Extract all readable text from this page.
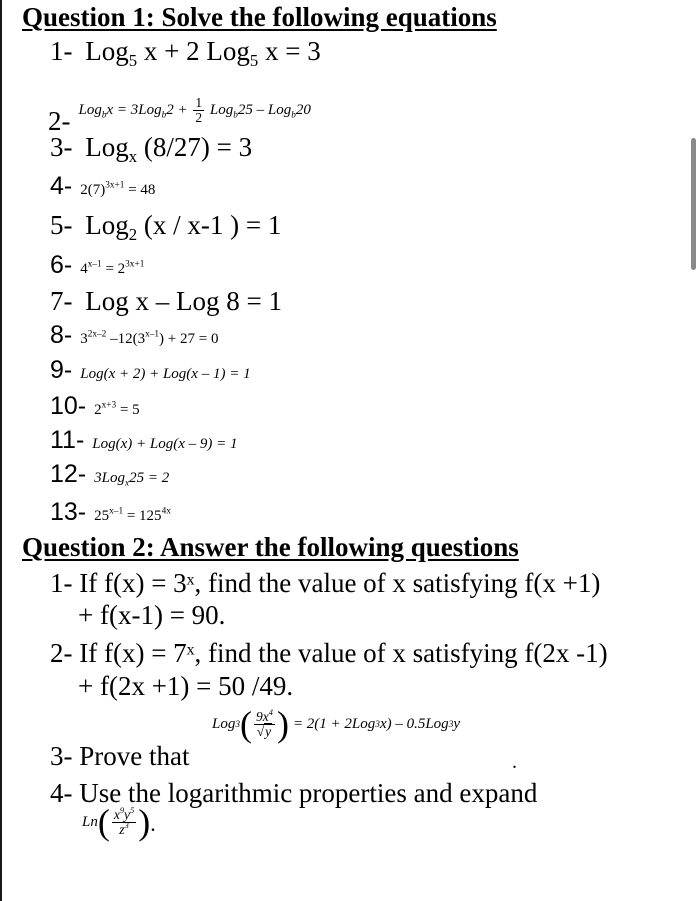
Question 1: Solve the following equations
1- Log$_5$ x + 2 Log$_5$ x = 3
2- $Log_bx = 3Log_b2 + \frac{1}{2} Log_b25 - Log_b20$
3- Log$_x$ (8/27) = 3
4- $2(7)^{3x+1} = 48$
5- Log$_2$ (x / x-1 ) = 1
6- $4^{x-1} = 2^{3x+1}$
7- Log x – Log 8 = 1
8- $3^{2x-2}$ $-12(3^{x-1}) + 27 = 0$
9- Log(x + 2) + Log(x – 1) = 1
10- $2^{x+3} = 5$
11- Log(x) + Log(x – 9) = 1
12- 3Log$_x$25 = 2
13- $25^{x-1} = 125^{4x}$
Question 2: Answer the following questions
1- If f(x) = 3ˣ, find the value of x satisfying f(x +1)
+ f(x-1) = 90.
2- If f(x) = 7ˣ, find the value of x satisfying f(2x -1)
+ f(2x +1) = 50 /49.
3- Prove that
Log 3 ( $\frac{9x^4}{√y}$ ) = 2(1 + 2Log 3 x) – 0.5Log 3 y
.
4- Use the logarithmic properties and expand
Ln ( $\frac{x^9y^5}{z^3}$ ) .
